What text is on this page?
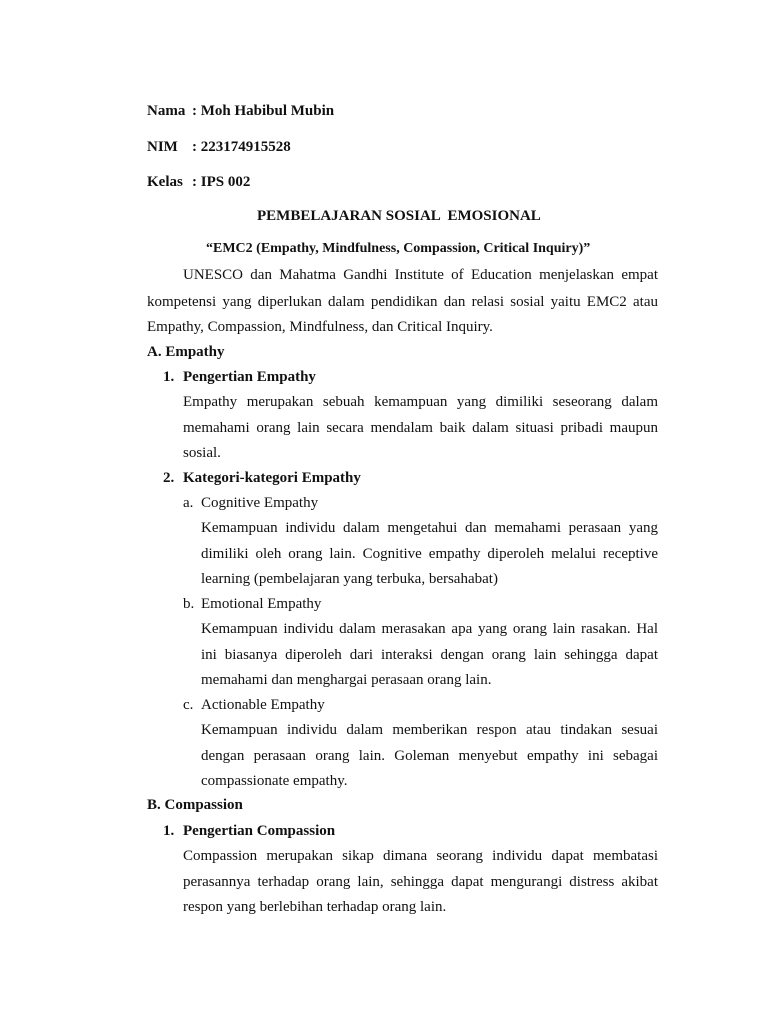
Nama : Moh Habibul Mubin
NIM : 223174915528
Kelas : IPS 002
PEMBELAJARAN SOSIAL  EMOSIONAL
“EMC2 (Empathy, Mindfulness, Compassion, Critical Inquiry)”
UNESCO dan Mahatma Gandhi Institute of Education menjelaskan empat
kompetensi yang diperlukan dalam pendidikan dan relasi sosial yaitu EMC2 atau
Empathy, Compassion, Mindfulness, dan Critical Inquiry.
A. Empathy
1. Pengertian Empathy
Empathy merupakan sebuah kemampuan yang dimiliki seseorang dalam
memahami orang lain secara mendalam baik dalam situasi pribadi maupun
sosial.
2. Kategori-kategori Empathy
a. Cognitive Empathy
Kemampuan individu dalam mengetahui dan memahami perasaan yang
dimiliki oleh orang lain. Cognitive empathy diperoleh melalui receptive
learning (pembelajaran yang terbuka, bersahabat)
b. Emotional Empathy
Kemampuan individu dalam merasakan apa yang orang lain rasakan. Hal
ini biasanya diperoleh dari interaksi dengan orang lain sehingga dapat
memahami dan menghargai perasaan orang lain.
c. Actionable Empathy
Kemampuan individu dalam memberikan respon atau tindakan sesuai
dengan perasaan orang lain. Goleman menyebut empathy ini sebagai
compassionate empathy.
B. Compassion
1. Pengertian Compassion
Compassion merupakan sikap dimana seorang individu dapat membatasi
perasannya terhadap orang lain, sehingga dapat mengurangi distress akibat
respon yang berlebihan terhadap orang lain.
